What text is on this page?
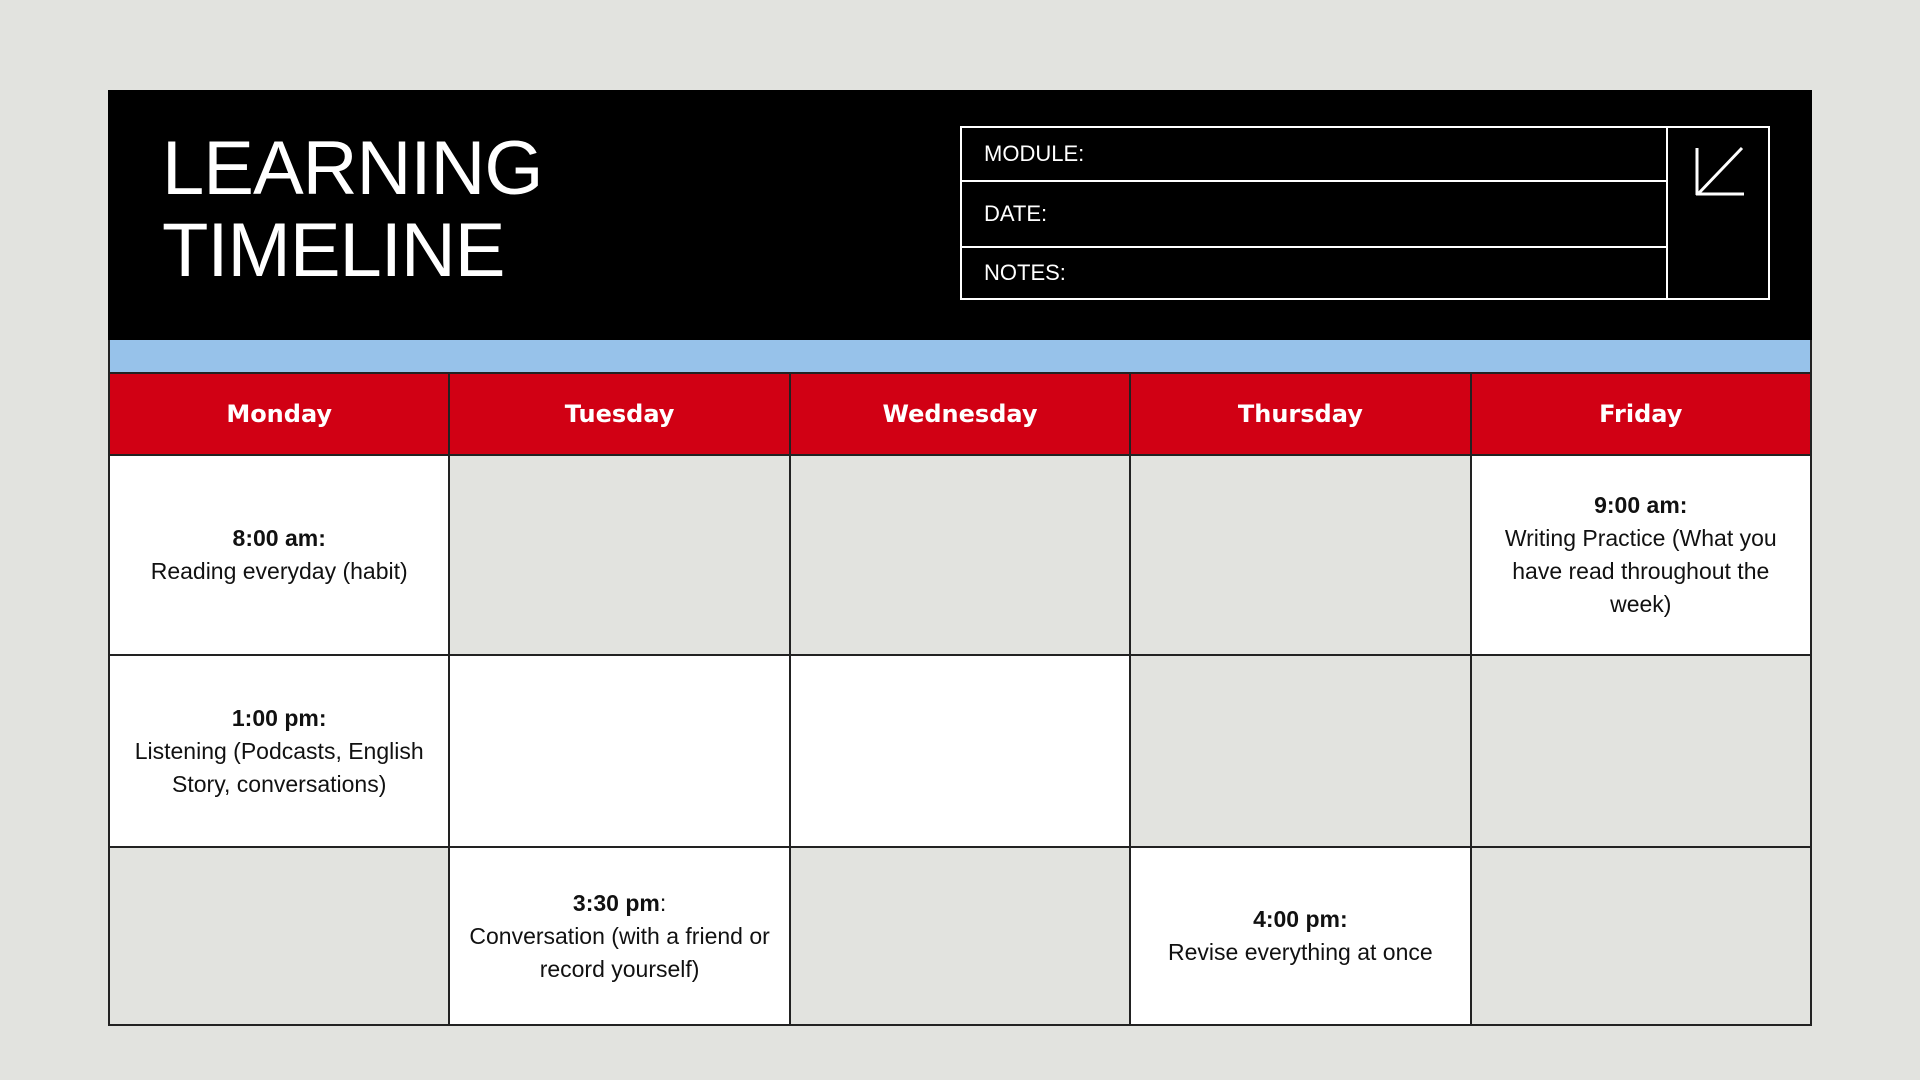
LEARNING
TIMELINE
MODULE:
DATE:
NOTES:
Monday	Tuesday	Wednesday	Thursday	Friday

8:00 am:
Reading everyday (habit)				9:00 am:
Writing Practice (What you have read throughout the week)

1:00 pm:
Listening (Podcasts, English Story, conversations)				

	3:30 pm:
Conversation (with a friend or record yourself)		4:00 pm:
Revise everything at once	
